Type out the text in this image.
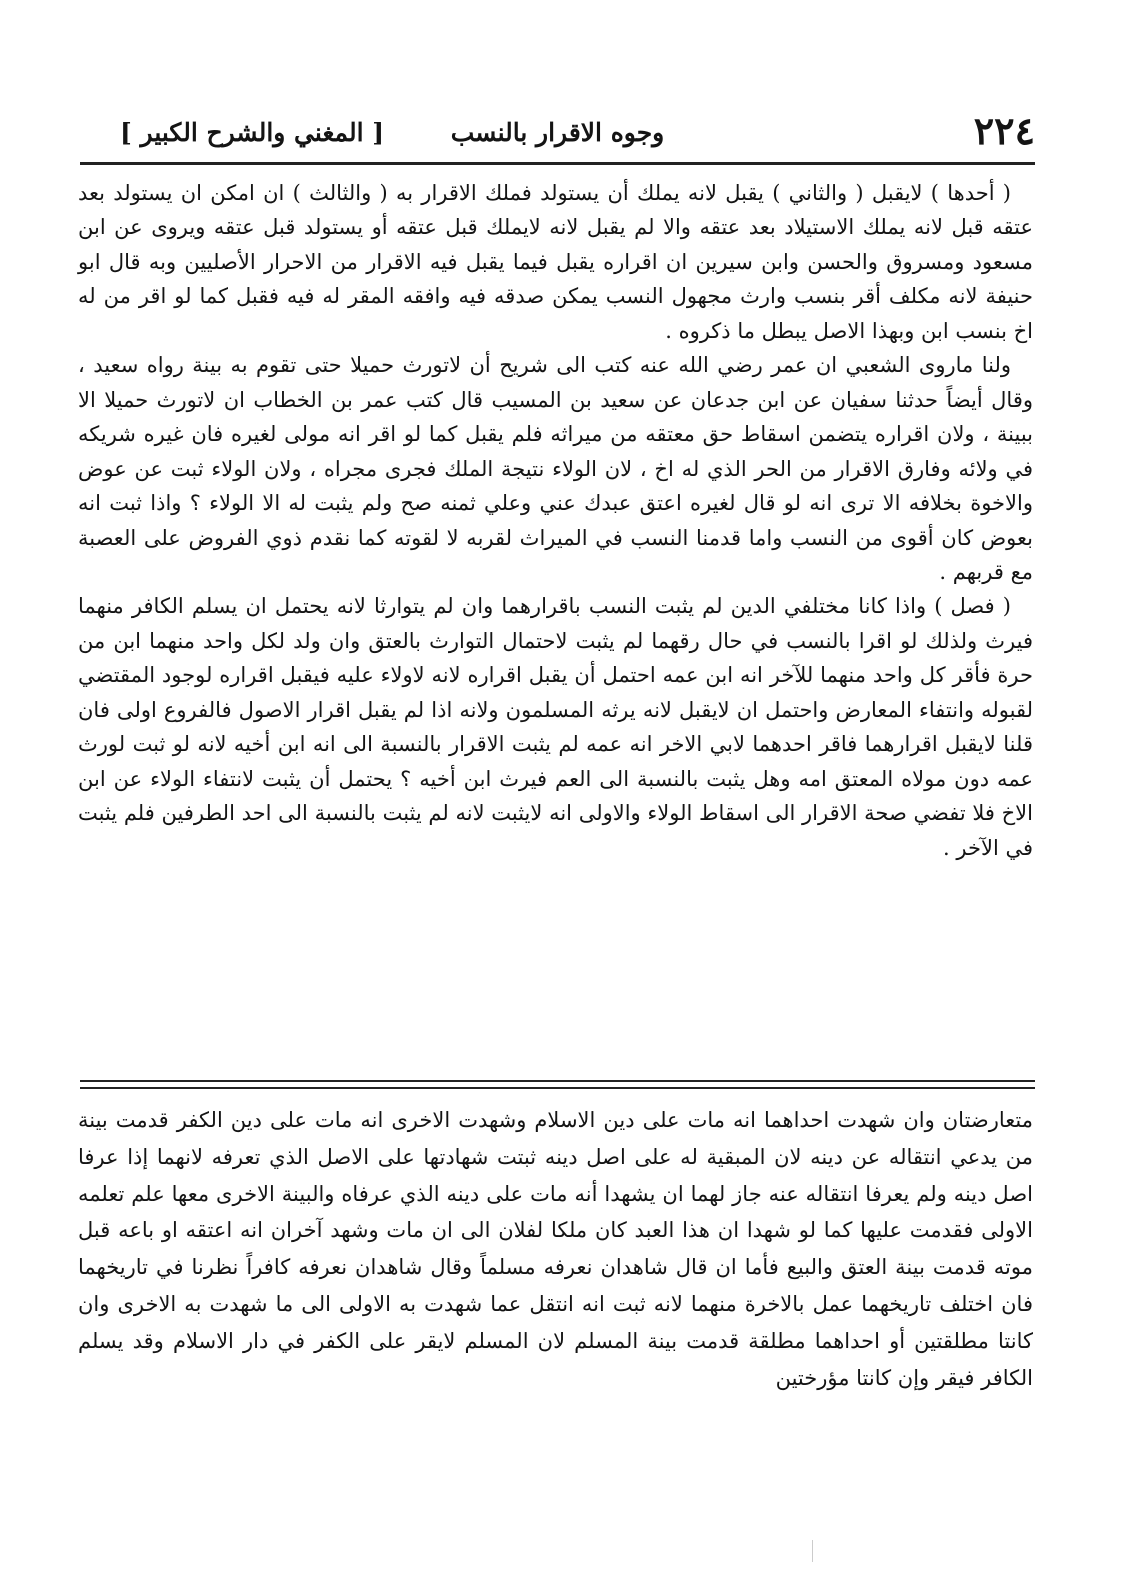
٢٢٤
وجوه الاقرار بالنسب
[ المغني والشرح الكبير ]

( أحدها ) لايقبل ( والثاني ) يقبل لانه يملك أن يستولد فملك الاقرار به ( والثالث ) ان امكن ان يستولد بعد عتقه قبل لانه يملك الاستيلاد بعد عتقه والا لم يقبل لانه لايملك قبل عتقه أو يستولد قبل عتقه ويروى عن ابن مسعود ومسروق والحسن وابن سيرين ان اقراره يقبل فيما يقبل فيه الاقرار من الاحرار الأصليين وبه قال ابو حنيفة لانه مكلف أقر بنسب وارث مجهول النسب يمكن صدقه فيه وافقه المقر له فيه فقبل كما لو اقر من له اخ بنسب ابن وبهذا الاصل يبطل ما ذكروه .

ولنا ماروى الشعبي ان عمر رضي الله عنه كتب الى شريح أن لاتورث حميلا حتى تقوم به بينة رواه سعيد ، وقال أيضاً حدثنا سفيان عن ابن جدعان عن سعيد بن المسيب قال كتب عمر بن الخطاب ان لاتورث حميلا الا ببينة ، ولان اقراره يتضمن اسقاط حق معتقه من ميراثه فلم يقبل كما لو اقر انه مولى لغيره فان غيره شريكه في ولائه وفارق الاقرار من الحر الذي له اخ ، لان الولاء نتيجة الملك فجرى مجراه ، ولان الولاء ثبت عن عوض والاخوة بخلافه الا ترى انه لو قال لغيره اعتق عبدك عني وعلي ثمنه صح ولم يثبت له الا الولاء ؟ واذا ثبت انه بعوض كان أقوى من النسب واما قدمنا النسب في الميراث لقربه لا لقوته كما نقدم ذوي الفروض على العصبة مع قربهم .

( فصل ) واذا كانا مختلفي الدين لم يثبت النسب باقرارهما وان لم يتوارثا لانه يحتمل ان يسلم الكافر منهما فيرث ولذلك لو اقرا بالنسب في حال رقهما لم يثبت لاحتمال التوارث بالعتق وان ولد لكل واحد منهما ابن من حرة فأقر كل واحد منهما للآخر انه ابن عمه احتمل أن يقبل اقراره لانه لاولاء عليه فيقبل اقراره لوجود المقتضي لقبوله وانتفاء المعارض واحتمل ان لايقبل لانه يرثه المسلمون ولانه اذا لم يقبل اقرار الاصول فالفروع اولى فان قلنا لايقبل اقرارهما فاقر احدهما لابي الاخر انه عمه لم يثبت الاقرار بالنسبة الى انه ابن أخيه لانه لو ثبت لورث عمه دون مولاه المعتق امه وهل يثبت بالنسبة الى العم فيرث ابن أخيه ؟ يحتمل أن يثبت لانتفاء الولاء عن ابن الاخ فلا تفضي صحة الاقرار الى اسقاط الولاء والاولى انه لايثبت لانه لم يثبت بالنسبة الى احد الطرفين فلم يثبت في الآخر .

متعارضتان وان شهدت احداهما انه مات على دين الاسلام وشهدت الاخرى انه مات على دين الكفر قدمت بينة من يدعي انتقاله عن دينه لان المبقية له على اصل دينه ثبتت شهادتها على الاصل الذي تعرفه لانهما إذا عرفا اصل دينه ولم يعرفا انتقاله عنه جاز لهما ان يشهدا أنه مات على دينه الذي عرفاه والبينة الاخرى معها علم تعلمه الاولى فقدمت عليها كما لو شهدا ان هذا العبد كان ملكا لفلان الى ان مات وشهد آخران انه اعتقه او باعه قبل موته قدمت بينة العتق والبيع فأما ان قال شاهدان نعرفه مسلماً وقال شاهدان نعرفه كافراً نظرنا في تاريخهما فان اختلف تاريخهما عمل بالاخرة منهما لانه ثبت انه انتقل عما شهدت به الاولى الى ما شهدت به الاخرى وان كانتا مطلقتين أو احداهما مطلقة قدمت بينة المسلم لان المسلم لايقر على الكفر في دار الاسلام وقد يسلم الكافر فيقر وإن كانتا مؤرختين
